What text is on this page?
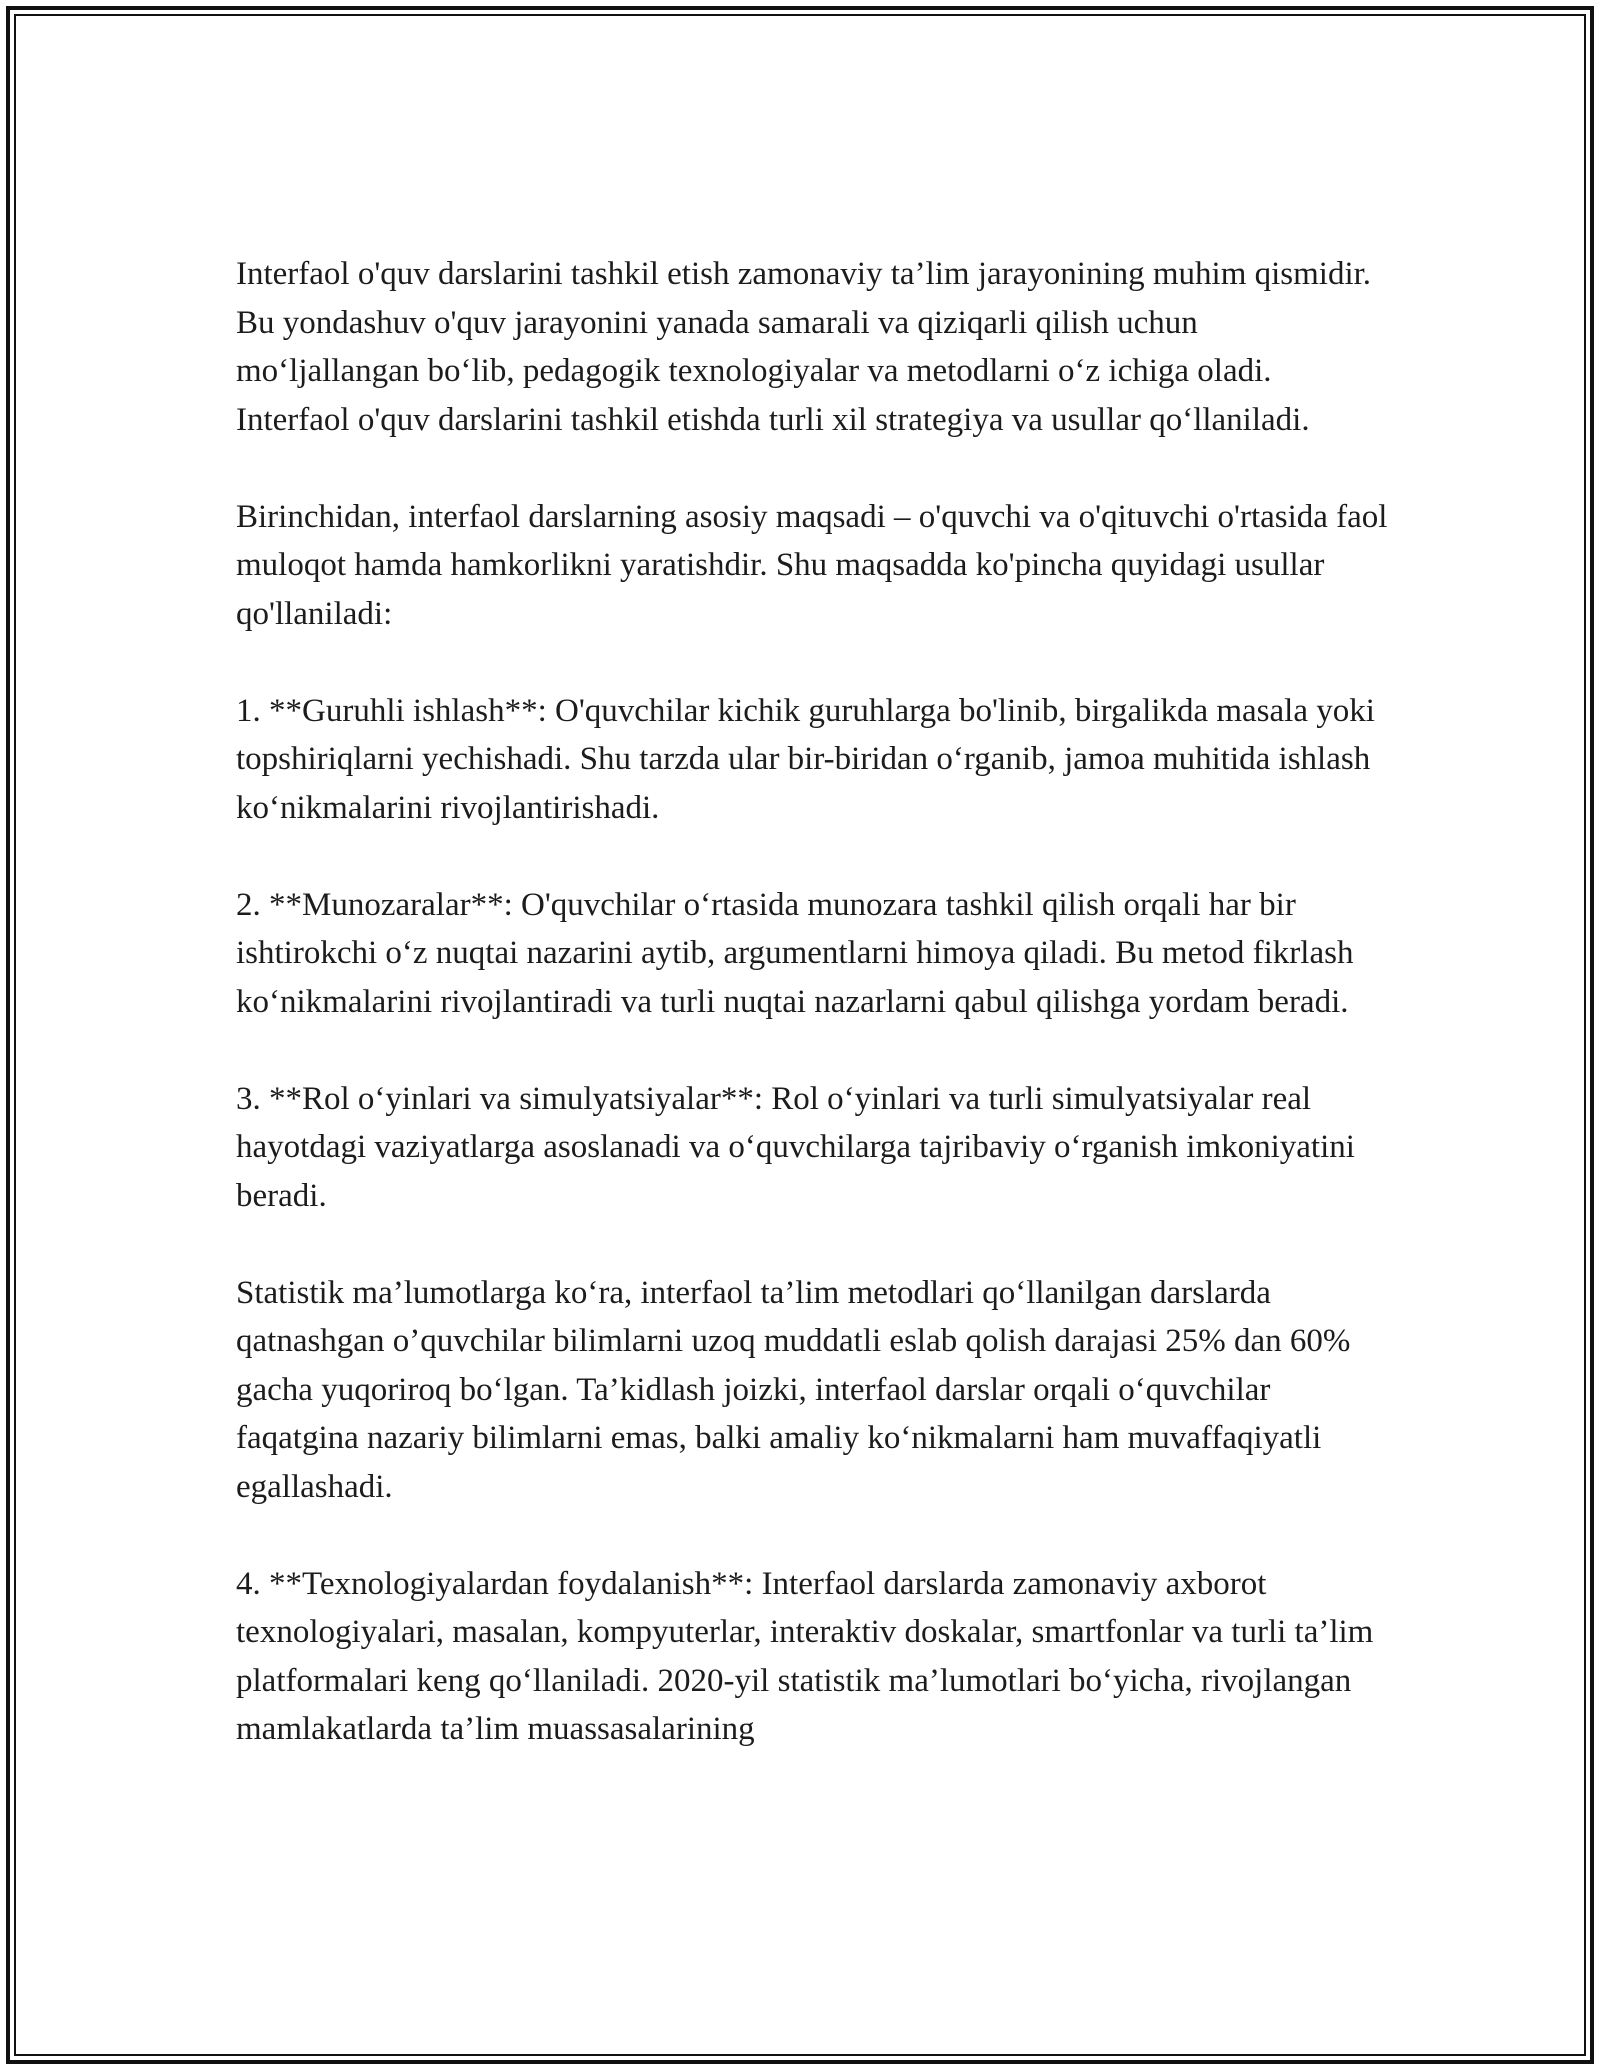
Interfaol o'quv darslarini tashkil etish zamonaviy ta’lim jarayonining muhim qismidir. Bu yondashuv o'quv jarayonini yanada samarali va qiziqarli qilish uchun moʻljallangan boʻlib, pedagogik texnologiyalar va metodlarni oʻz ichiga oladi. Interfaol o'quv darslarini tashkil etishda turli xil strategiya va usullar qoʻllaniladi.

Birinchidan, interfaol darslarning asosiy maqsadi – o'quvchi va o'qituvchi o'rtasida faol muloqot hamda hamkorlikni yaratishdir. Shu maqsadda ko'pincha quyidagi usullar qo'llaniladi:

1. **Guruhli ishlash**: O'quvchilar kichik guruhlarga bo'linib, birgalikda masala yoki topshiriqlarni yechishadi. Shu tarzda ular bir-biridan oʻrganib, jamoa muhitida ishlash koʻnikmalarini rivojlantirishadi.

2. **Munozaralar**: O'quvchilar oʻrtasida munozara tashkil qilish orqali har bir ishtirokchi oʻz nuqtai nazarini aytib, argumentlarni himoya qiladi. Bu metod fikrlash koʻnikmalarini rivojlantiradi va turli nuqtai nazarlarni qabul qilishga yordam beradi.

3. **Rol oʻyinlari va simulyatsiyalar**: Rol oʻyinlari va turli simulyatsiyalar real hayotdagi vaziyatlarga asoslanadi va oʻquvchilarga tajribaviy oʻrganish imkoniyatini beradi.

Statistik ma’lumotlarga koʻra, interfaol ta’lim metodlari qoʻllanilgan darslarda qatnashgan o’quvchilar bilimlarni uzoq muddatli eslab qolish darajasi 25% dan 60% gacha yuqoriroq boʻlgan. Ta’kidlash joizki, interfaol darslar orqali oʻquvchilar faqatgina nazariy bilimlarni emas, balki amaliy koʻnikmalarni ham muvaffaqiyatli egallashadi.

4. **Texnologiyalardan foydalanish**: Interfaol darslarda zamonaviy axborot texnologiyalari, masalan, kompyuterlar, interaktiv doskalar, smartfonlar va turli ta’lim platformalari keng qoʻllaniladi. 2020-yil statistik ma’lumotlari boʻyicha, rivojlangan mamlakatlarda ta’lim muassasalarining
